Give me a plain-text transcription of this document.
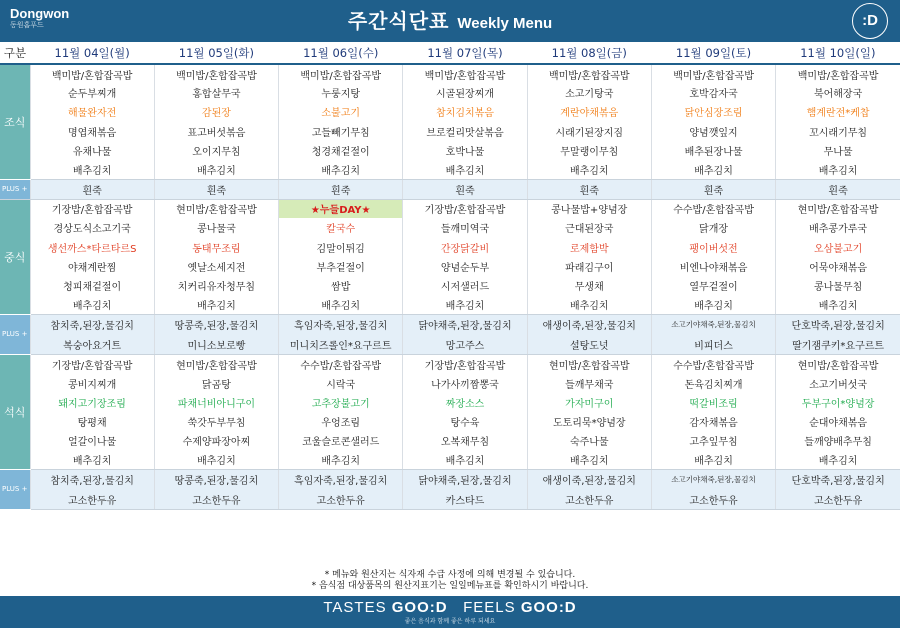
Dongwon
동원홈푸드	주간식단표 Weekly Menu	:D
구분	11월 04일(월)	11월 05일(화)	11월 06일(수)	11월 07일(목)	11월 08일(금)	11월 09일(토)	11월 10일(일)
조식	백미밥/혼합잡곡밥	백미밥/혼합잡곡밥	백미밥/혼합잡곡밥	백미밥/혼합잡곡밥	백미밥/혼합잡곡밥	백미밥/혼합잡곡밥	백미밥/혼합잡곡밥
	순두부찌개	홍합살무국	누룽지탕	시골된장찌개	소고기탕국	호박감자국	북어해장국
	해물완자전	감된장	소불고기	참치김치볶음	계란야채볶음	닭안심장조림	햄계란전*케찹
	명엽채볶음	표고버섯볶음	고들빼기무침	브로컬리맛살볶음	시래기된장지짐	양념깻잎지	꼬시래기무침
	유채나물	오이지무침	청경채겉절이	호박나물	무말랭이무침	배추된장나물	무나물
	배추김치	배추김치	배추김치	배추김치	배추김치	배추김치	배추김치
PLUS +	흰죽	흰죽	흰죽	흰죽	흰죽	흰죽	흰죽
중식	기장밥/혼합잡곡밥	현미밥/혼합잡곡밥	★누들DAY★	기장밥/혼합잡곡밥	콩나물밥+양념장	수수밥/혼합잡곡밥	현미밥/혼합잡곡밥
	경상도식소고기국	콩나물국	칼국수	들깨미역국	근대된장국	닭개장	배추콩가루국
	생선까스*타르타르S	동태무조림	김말이튀김	간장닭갈비	로제함박	팽이버섯전	오삼불고기
	야채계란찜	옛날소세지전	부추겉절이	양념순두부	파래김구이	비엔나야채볶음	어묵야채볶음
	청피채겉절이	치커리유자청무침	쌈밥	시저샐러드	무생채	열무겉절이	콩나물무침
	배추김치	배추김치	배추김치	배추김치	배추김치	배추김치	배추김치
PLUS +	참치죽,된장,물김치	땅콩죽,된장,물김치	흑임자죽,된장,물김치	닭야채죽,된장,물김치	애생이죽,된장,물김치	소고기야채죽,된장,물김치	단호박죽,된장,물김치
	복숭아요거트	미니소보로빵	미니치즈롤인*요구르트	망고주스	설탕도넛	비피더스	딸기잼쿠키*요구르트
석식	기장밥/혼합잡곡밥	현미밥/혼합잡곡밥	수수밥/혼합잡곡밥	기장밥/혼합잡곡밥	현미밥/혼합잡곡밥	수수밥/혼합잡곡밥	현미밥/혼합잡곡밥
	콩비지찌개	닭곰탕	시락국	나가사끼짬뽕국	들깨무채국	돈육김치찌개	소고기버섯국
	돼지고기장조림	파채너비아니구이	고추장불고기	짜장소스	가자미구이	떡갈비조림	두부구이*양념장
	탕평채	쑥갓두부무침	우엉조림	탕수육	도토리묵*양념장	감자채볶음	순대야채볶음
	얼갈이나물	수제양파장아찌	코울슬로콘샐러드	오복채무침	숙주나물	고추잎무침	들깨양배추무침
	배추김치	배추김치	배추김치	배추김치	배추김치	배추김치	배추김치
PLUS +	참치죽,된장,물김치	땅콩죽,된장,물김치	흑임자죽,된장,물김치	닭야채죽,된장,물김치	애생이죽,된장,물김치	소고기야채죽,된장,물김치	단호박죽,된장,물김치
	고소한두유	고소한두유	고소한두유	카스타드	고소한두유	고소한두유	고소한두유
* 메뉴와 원산지는 식자재 수급 사정에 의해 변경될 수 있습니다.
* 음식점 대상품목의 원산지표기는 일일메뉴표를 확인하시기 바랍니다.
TASTES GOO:D FEELS GOO:D
좋은 음식과 함께 좋은 하루 되세요
